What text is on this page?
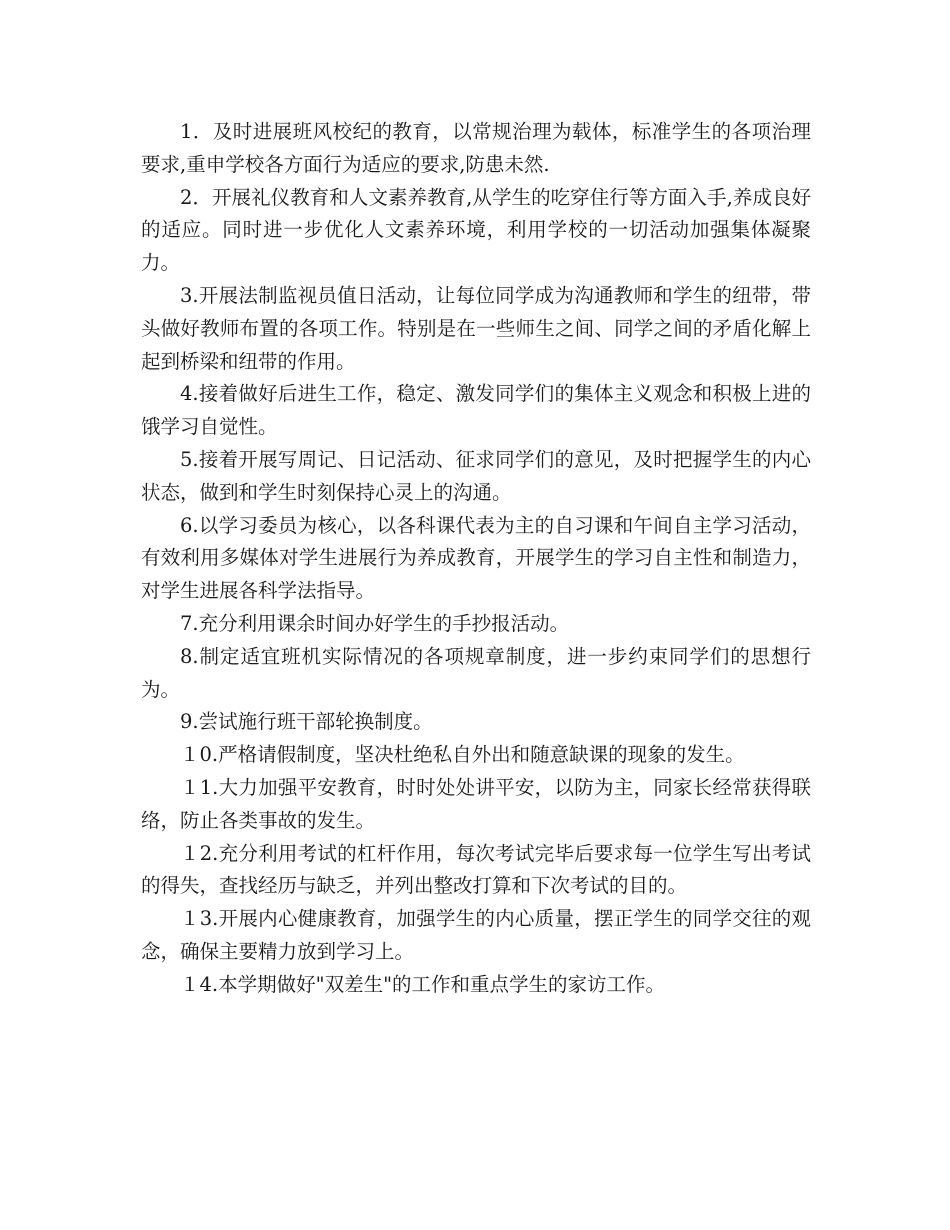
1．及时进展班风校纪的教育，以常规治理为载体，标准学生的各项治理要求,重申学校各方面行为适应的要求,防患未然.

2．开展礼仪教育和人文素养教育,从学生的吃穿住行等方面入手,养成良好的适应。同时进一步优化人文素养环境，利用学校的一切活动加强集体凝聚力。

3.开展法制监视员值日活动，让每位同学成为沟通教师和学生的纽带，带头做好教师布置的各项工作。特别是在一些师生之间、同学之间的矛盾化解上起到桥梁和纽带的作用。

4.接着做好后进生工作，稳定、激发同学们的集体主义观念和积极上进的饿学习自觉性。

5.接着开展写周记、日记活动、征求同学们的意见，及时把握学生的内心状态，做到和学生时刻保持心灵上的沟通。

6.以学习委员为核心，以各科课代表为主的自习课和午间自主学习活动，有效利用多媒体对学生进展行为养成教育，开展学生的学习自主性和制造力，对学生进展各科学法指导。

7.充分利用课余时间办好学生的手抄报活动。

8.制定适宜班机实际情况的各项规章制度，进一步约束同学们的思想行为。

9.尝试施行班干部轮换制度。

１0.严格请假制度，坚决杜绝私自外出和随意缺课的现象的发生。

１1.大力加强平安教育，时时处处讲平安，以防为主，同家长经常获得联络，防止各类事故的发生。

１2.充分利用考试的杠杆作用，每次考试完毕后要求每一位学生写出考试的得失，查找经历与缺乏，并列出整改打算和下次考试的目的。

１3.开展内心健康教育，加强学生的内心质量，摆正学生的同学交往的观念，确保主要精力放到学习上。

１4.本学期做好"双差生"的工作和重点学生的家访工作。
